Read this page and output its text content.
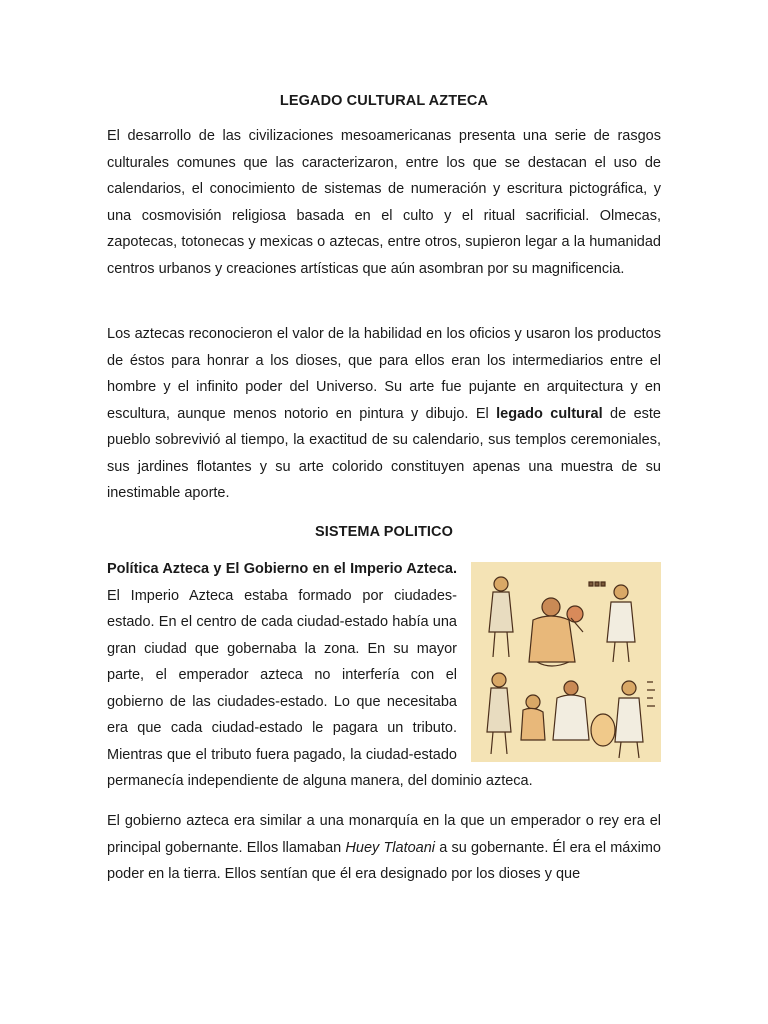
LEGADO CULTURAL AZTECA

El desarrollo de las civilizaciones mesoamericanas presenta una serie de rasgos culturales comunes que las caracterizaron, entre los que se destacan el uso de calendarios, el conocimiento de sistemas de numeración y escritura pictográfica, y una cosmovisión religiosa basada en el culto y el ritual sacrificial. Olmecas, zapotecas, totonecas y mexicas o aztecas, entre otros, supieron legar a la humanidad centros urbanos y creaciones artísticas que aún asombran por su magnificencia.

Los aztecas reconocieron el valor de la habilidad en los oficios y usaron los productos de éstos para honrar a los dioses, que para ellos eran los intermediarios entre el hombre y el infinito poder del Universo. Su arte fue pujante en arquitectura y en escultura, aunque menos notorio en pintura y dibujo. El legado cultural de este pueblo sobrevivió al tiempo, la exactitud de su calendario, sus templos ceremoniales, sus jardines flotantes y su arte colorido constituyen apenas una muestra de su inestimable aporte.

SISTEMA POLITICO

Política Azteca y El Gobierno en el Imperio Azteca. El Imperio Azteca estaba formado por ciudades-estado. En el centro de cada ciudad-estado había una gran ciudad que gobernaba la zona. En su mayor parte, el emperador azteca no interfería con el gobierno de las ciudades-estado. Lo que necesitaba era que cada ciudad-estado le pagara un tributo. Mientras que el tributo fuera pagado, la ciudad-estado permanecía independiente de alguna manera, del dominio azteca.

El gobierno azteca era similar a una monarquía en la que un emperador o rey era el principal gobernante. Ellos llamaban Huey Tlatoani a su gobernante. Él era el máximo poder en la tierra. Ellos sentían que él era designado por los dioses y que
